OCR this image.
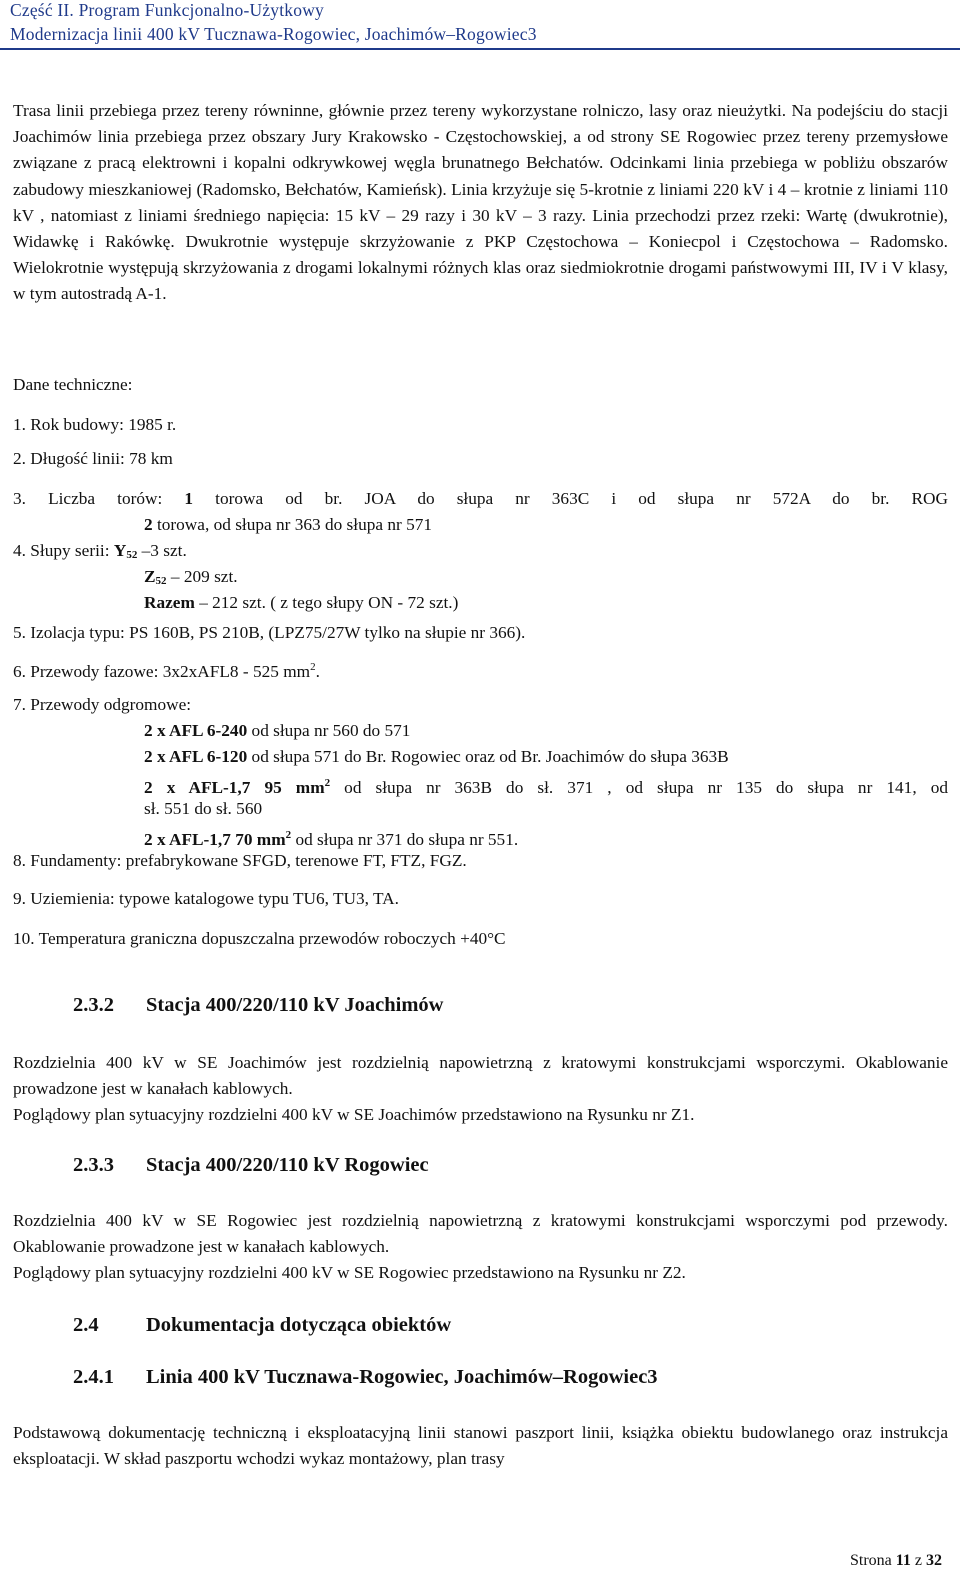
Część II. Program Funkcjonalno-Użytkowy
Modernizacja linii 400 kV Tucznawa-Rogowiec, Joachimów–Rogowiec3
Trasa linii przebiega przez tereny równinne, głównie przez tereny wykorzystane rolniczo, lasy oraz nieużytki. Na podejściu do stacji Joachimów linia przebiega przez obszary Jury Krakowsko - Częstochowskiej, a od strony SE Rogowiec przez tereny przemysłowe związane z pracą elektrowni i kopalni odkrywkowej węgla brunatnego Bełchatów. Odcinkami linia przebiega w pobliżu obszarów zabudowy mieszkaniowej (Radomsko, Bełchatów, Kamieńsk). Linia krzyżuje się 5-krotnie z liniami 220 kV i 4 – krotnie z liniami 110 kV , natomiast z liniami średniego napięcia: 15 kV – 29 razy i 30 kV – 3 razy. Linia przechodzi przez rzeki: Wartę (dwukrotnie), Widawkę i Rakówkę. Dwukrotnie występuje skrzyżowanie z PKP Częstochowa – Koniecpol i Częstochowa – Radomsko. Wielokrotnie występują skrzyżowania z drogami lokalnymi różnych klas oraz siedmiokrotnie drogami państwowymi III, IV i V klasy, w tym autostradą A-1.
Dane techniczne:
1. Rok budowy: 1985 r.
2. Długość linii: 78 km
3. Liczba torów: 1 torowa od br. JOA do słupa nr 363C i od słupa nr 572A do br. ROG
2 torowa, od słupa nr 363 do słupa nr 571
4. Słupy serii: $Y_{52}$ –3 szt.
$Z_{52} - 209$ szt.
Razem – 212 szt. ( z tego słupy ON - 72 szt.)
5. Izolacja typu: PS 160B, PS 210B, (LPZ75/27W tylko na słupie nr 366).
6. Przewody fazowe: 3x2xAFL8 - 525 $mm^2$.
7. Przewody odgromowe:
2 x AFL 6-240 od słupa nr 560 do 571
2 x AFL 6-120 od słupa 571 do Br. Rogowiec oraz od Br. Joachimów do słupa 363B
2 x AFL-1,7 95 $mm^2$ od słupa nr 363B do sł. 371 , od słupa nr 135 do słupa nr 141, od
sł. 551 do sł. 560
2 x AFL-1,7 70 $mm^2$ od słupa nr 371 do słupa nr 551.
8. Fundamenty: prefabrykowane SFGD, terenowe FT, FTZ, FGZ.
9. Uziemienia: typowe katalogowe typu TU6, TU3, TA.
10. Temperatura graniczna dopuszczalna przewodów roboczych +40°C
2.3.2 Stacja 400/220/110 kV Joachimów
Rozdzielnia 400 kV w SE Joachimów jest rozdzielnią napowietrzną z kratowymi konstrukcjami wsporczymi. Okablowanie prowadzone jest w kanałach kablowych.
Poglądowy plan sytuacyjny rozdzielni 400 kV w SE Joachimów przedstawiono na Rysunku nr Z1.
2.3.3 Stacja 400/220/110 kV Rogowiec
Rozdzielnia 400 kV w SE Rogowiec jest rozdzielnią napowietrzną z kratowymi konstrukcjami wsporczymi pod przewody. Okablowanie prowadzone jest w kanałach kablowych.
Poglądowy plan sytuacyjny rozdzielni 400 kV w SE Rogowiec przedstawiono na Rysunku nr Z2.
2.4 Dokumentacja dotycząca obiektów
2.4.1 Linia 400 kV Tucznawa-Rogowiec, Joachimów–Rogowiec3
Podstawową dokumentację techniczną i eksploatacyjną linii stanowi paszport linii, książka obiektu budowlanego oraz instrukcja eksploatacji. W skład paszportu wchodzi wykaz montażowy, plan trasy
Strona 11 z 32
